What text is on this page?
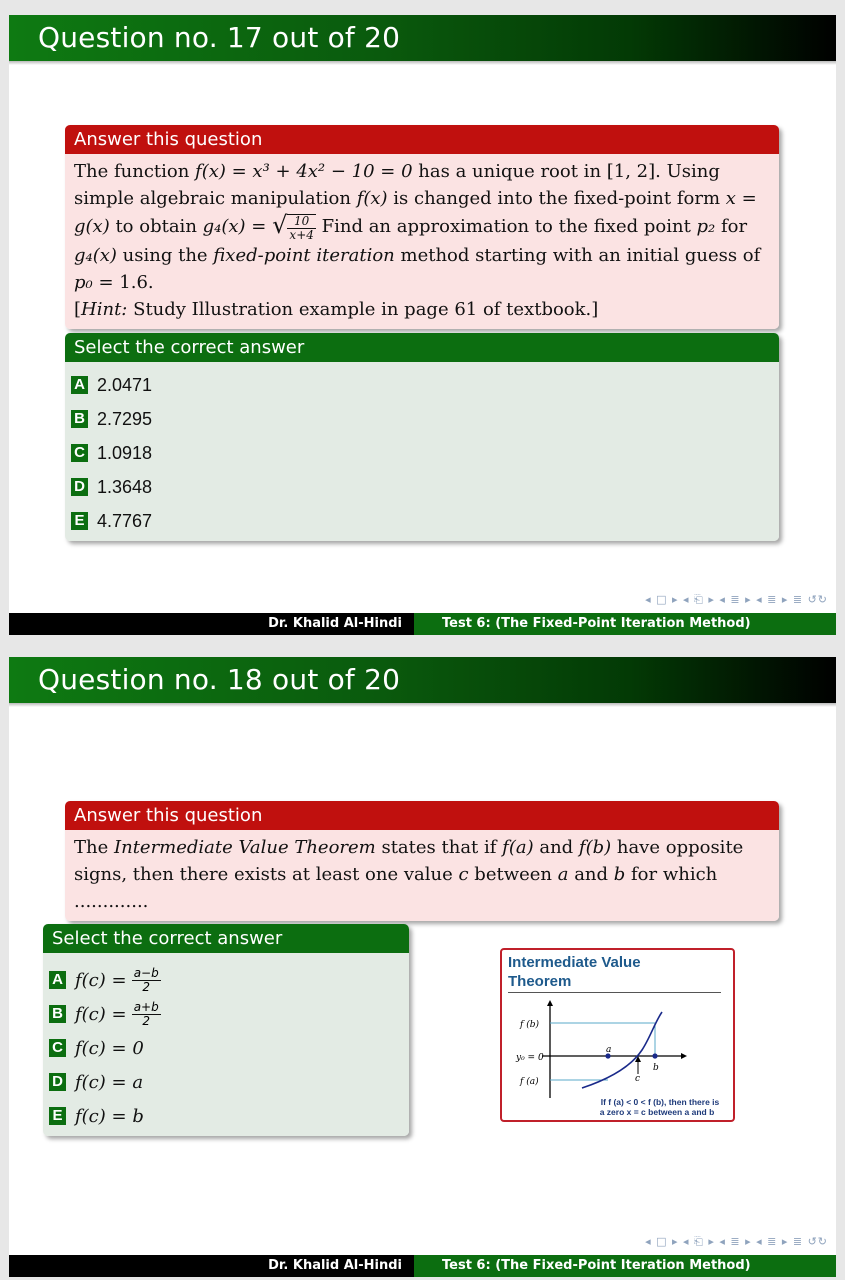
Question no. 17 out of 20
Answer this question

The function f(x) = x³ + 4x² − 10 = 0 has a unique root in [1, 2]. Using simple algebraic manipulation f(x) is changed into the fixed-point form x = g(x) to obtain g₄(x) = √ $\frac{10}{x+4}$ Find an approximation to the fixed point p₂ for g₄(x) using the fixed-point iteration method starting with an initial guess of p₀ = 1.6.
[Hint: Study Illustration example in page 61 of textbook.]

Select the correct answer
A 2.0471
B 2.7295
C 1.0918
D 1.3648
E 4.7767
◂ □ ▸ ◂ ⎗ ▸ ◂ ≣ ▸ ◂ ≣ ▸ ≣ ↺↻
Dr. Khalid Al-Hindi	Test 6: (The Fixed-Point Iteration Method)
Question no. 18 out of 20
Answer this question

The Intermediate Value Theorem states that if f(a) and f(b) have opposite signs, then there exists at least one value c between a and b for which .............

Select the correct answer
A f(c) =
$\frac{a-b}{2}$
B f(c) =
$\frac{a+b}{2}$
C f(c) = 0
D f(c) = a
E f(c) = b
Intermediate Value
Theorem
f (b)
y₀ = 0
f (a)
a
b
c
If f (a) < 0 < f (b), then there is
a zero x = c between a and b
◂ □ ▸ ◂ ⎗ ▸ ◂ ≣ ▸ ◂ ≣ ▸ ≣ ↺↻
Dr. Khalid Al-Hindi	Test 6: (The Fixed-Point Iteration Method)
